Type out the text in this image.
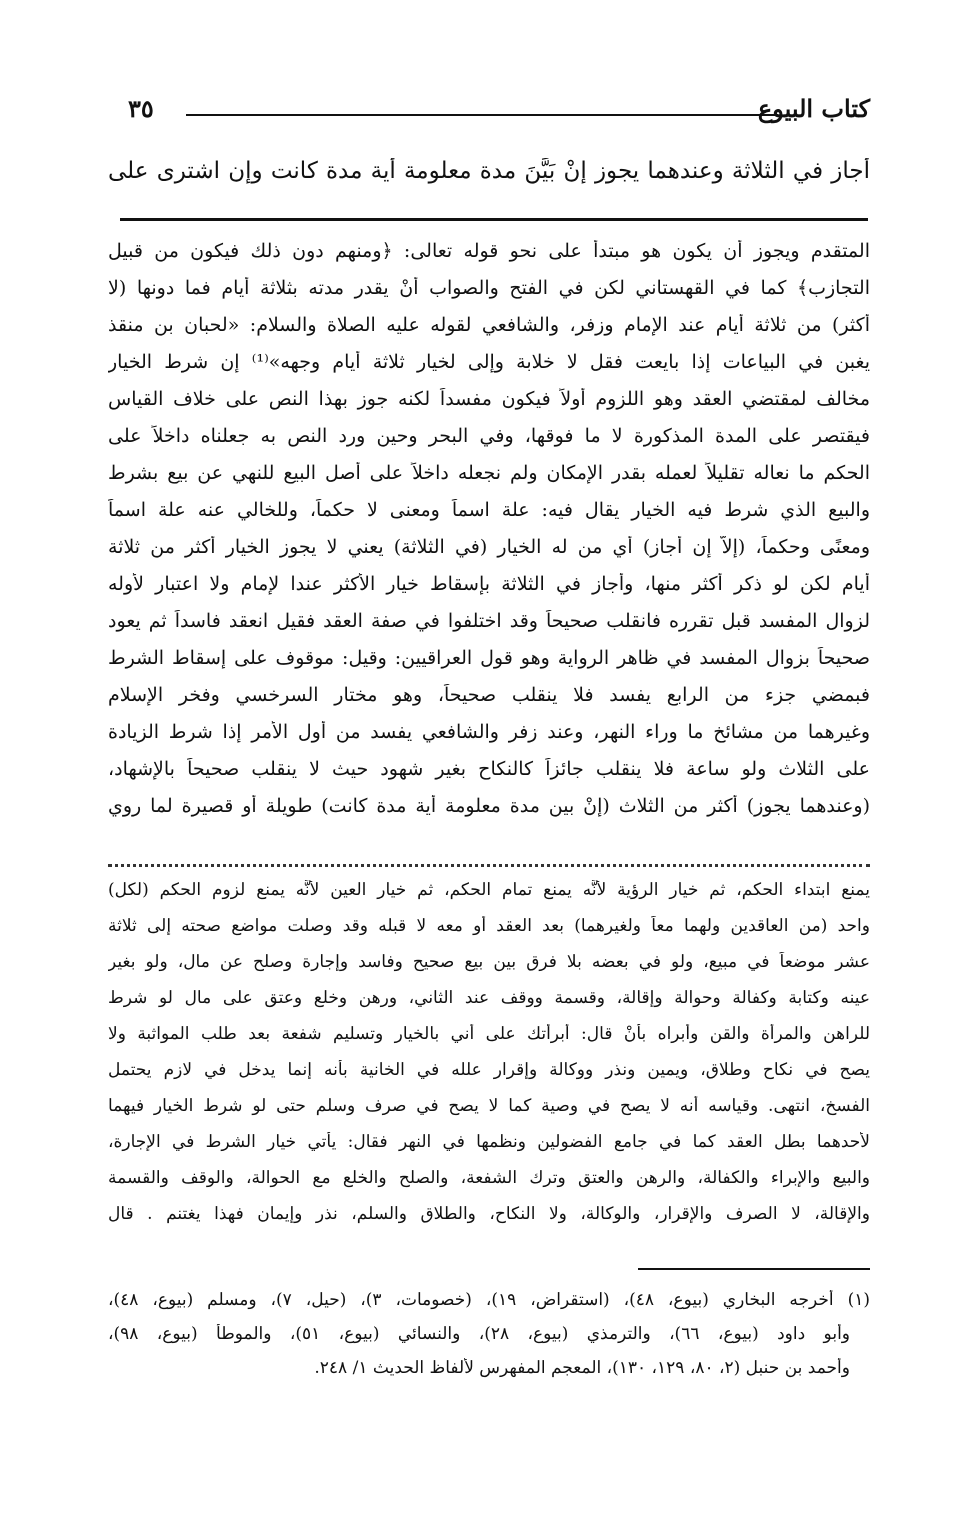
كتاب البيوع
٣٥
أجاز في الثلاثة وعندهما يجوز إنْ بَيَّنَ مدة معلومة أية مدة كانت وإن اشترى على
المتقدم ويجوز أن يكون هو مبتدأ على نحو قوله تعالى: ﴿ومنهم دون ذلك فيكون من قبيل
التجازب﴾ كما في القهستاني لكن في الفتح والصواب أنْ يقدر مدته بثلاثة أيام فما دونها (لا
أكثر) من ثلاثة أيام عند الإمام وزفر، والشافعي لقوله عليه الصلاة والسلام: «لحبان بن منقذ
يغبن في البياعات إذا بايعت فقل لا خلابة وإلى لخيار ثلاثة أيام وجهه»⁽¹⁾ إن شرط الخيار
مخالف لمقتضي العقد وهو اللزوم أولاً فيكون مفسداً لكنه جوز بهذا النص على خلاف القياس
فيقتصر على المدة المذكورة لا ما فوقها، وفي البحر وحين ورد النص به جعلناه داخلاً على
الحكم ما نعاله تقليلاً لعمله بقدر الإمكان ولم نجعله داخلاً على أصل البيع للنهي عن بيع بشرط
والبيع الذي شرط فيه الخيار يقال فيه: علة اسماً ومعنى لا حكماً، وللخالي عنه علة اسماً
ومعنًى وحكماً، (إلاّ إن أجاز) أي من له الخيار (في الثلاثة) يعني لا يجوز الخيار أكثر من ثلاثة
أيام لكن لو ذكر أكثر منها، وأجاز في الثلاثة بإسقاط خيار الأكثر عندا لإمام ولا اعتبار لأوله
لزوال المفسد قبل تقرره فانقلب صحيحاً وقد اختلفوا في صفة العقد فقيل انعقد فاسداً ثم يعود
صحيحاً بزوال المفسد في ظاهر الرواية وهو قول العراقيين: وقيل: موقوف على إسقاط الشرط
فبمضي جزء من الرابع يفسد فلا ينقلب صحيحاً، وهو مختار السرخسي وفخر الإسلام
وغيرهما من مشائخ ما وراء النهر، وعند زفر والشافعي يفسد من أول الأمر إذا شرط الزيادة
على الثلاث ولو ساعة فلا ينقلب جائزاً كالنكاح بغير شهود حيث لا ينقلب صحيحاً بالإشهاد،
(وعندهما يجوز) أكثر من الثلاث (إنْ بين مدة معلومة أية مدة كانت) طويلة أو قصيرة لما روي
يمنع ابتداء الحكم، ثم خيار الرؤية لأنَّه يمنع تمام الحكم، ثم خيار العين لأنَّه يمنع لزوم الحكم (لكل)
واحد (من العاقدين ولهما معاً ولغيرهما) بعد العقد أو معه لا قبله وقد وصلت مواضع صحته إلى ثلاثة
عشر موضعاً في مبيع، ولو في بعضه بلا فرق بين بيع صحيح وفاسد وإجارة وصلح عن مال، ولو بغير
عينه وكتابة وكفالة وحوالة وإقالة، وقسمة ووقف عند الثاني، ورهن وخلع وعتق على مال لو شرط
للراهن والمرأة والقن وأبراه بأنْ قال: أبرأتك على أني بالخيار وتسليم شفعة بعد طلب المواثبة ولا
يصح في نكاح وطلاق، ويمين ونذر ووكالة وإقرار علله في الخانية بأنه إنما يدخل في لازم يحتمل
الفسخ، انتهى. وقياسه أنه لا يصح في وصية كما لا يصح في صرف وسلم حتى لو شرط الخيار فيهما
لأحدهما بطل العقد كما في جامع الفضولين ونظمها في النهر فقال: يأتي خيار الشرط في الإجارة،
والبيع والإبراء والكفالة، والرهن والعتق وترك الشفعة، والصلح والخلع مع الحوالة، والوقف والقسمة
والإقالة، لا الصرف والإقرار، والوكالة، ولا النكاح، والطلاق والسلم، نذر وإيمان فهذا يغتنم . قال
(١) أخرجه البخاري (بيوع، ٤٨)، (استقراض، ١٩)، (خصومات، ٣)، (حيل، ٧)، ومسلم (بيوع، ٤٨)،
وأبو داود (بيوع، ٦٦)، والترمذي (بيوع، ٢٨)، والنسائي (بيوع، ٥١)، والموطأ (بيوع، ٩٨)،
وأحمد بن حنبل (٢، ٨٠، ١٢٩، ١٣٠)، المعجم المفهرس لألفاظ الحديث ١/ ٢٤٨.
